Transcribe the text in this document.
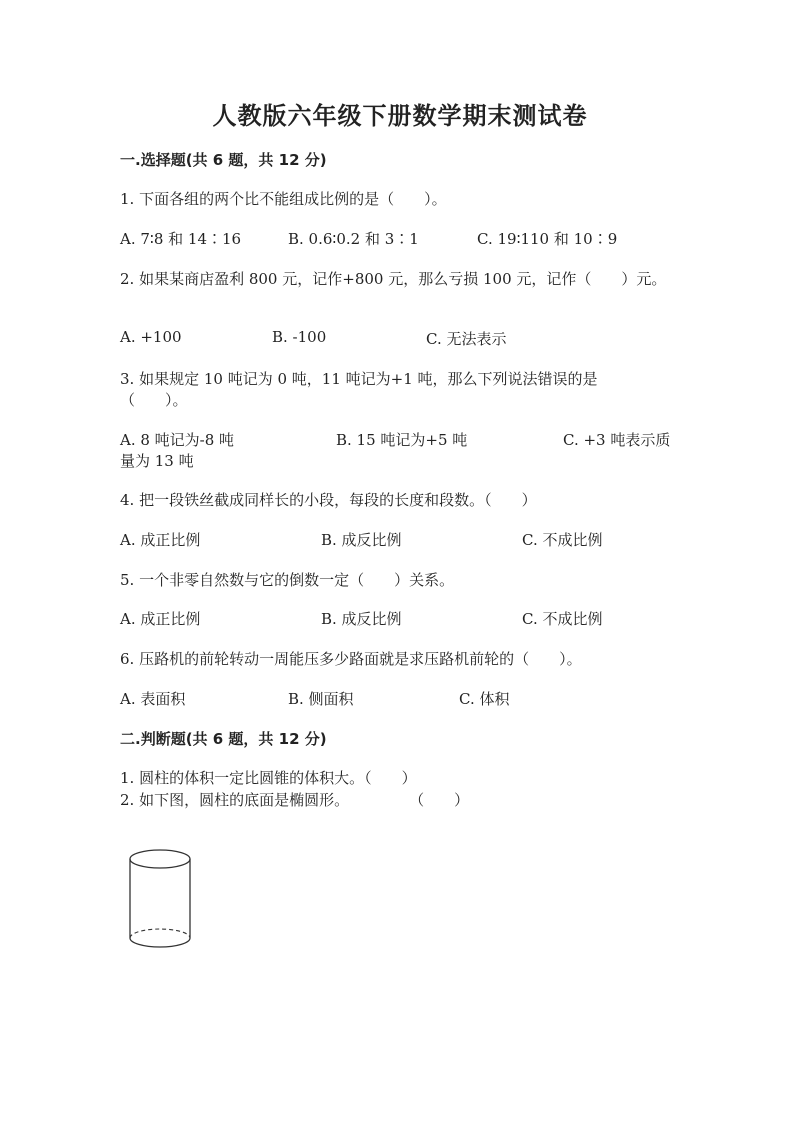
人教版六年级下册数学期末测试卷
一.选择题(共 6 题，共 12 分)
1. 下面各组的两个比不能组成比例的是（　　）。
A. 7∶8 和 14∶16	B. 0.6∶0.2 和 3∶1	C. 19∶110 和 10∶9
2. 如果某商店盈利 800 元，记作+800 元，那么亏损 100 元，记作（　　）元。
A. +100	B. -100	C. 无法表示
3. 如果规定 10 吨记为 0 吨，11 吨记为+1 吨，那么下列说法错误的是
（　　）。
A. 8 吨记为-8 吨	B. 15 吨记为+5 吨	C. +3 吨表示质
量为 13 吨
4. 把一段铁丝截成同样长的小段，每段的长度和段数。（　　）
A. 成正比例	B. 成反比例	C. 不成比例
5. 一个非零自然数与它的倒数一定（　　）关系。
A. 成正比例	B. 成反比例	C. 不成比例
6. 压路机的前轮转动一周能压多少路面就是求压路机前轮的（　　）。
A. 表面积	B. 侧面积	C. 体积
二.判断题(共 6 题，共 12 分)
1. 圆柱的体积一定比圆锥的体积大。（　　）
2. 如下图，圆柱的底面是椭圆形。　　　　　（　　）
